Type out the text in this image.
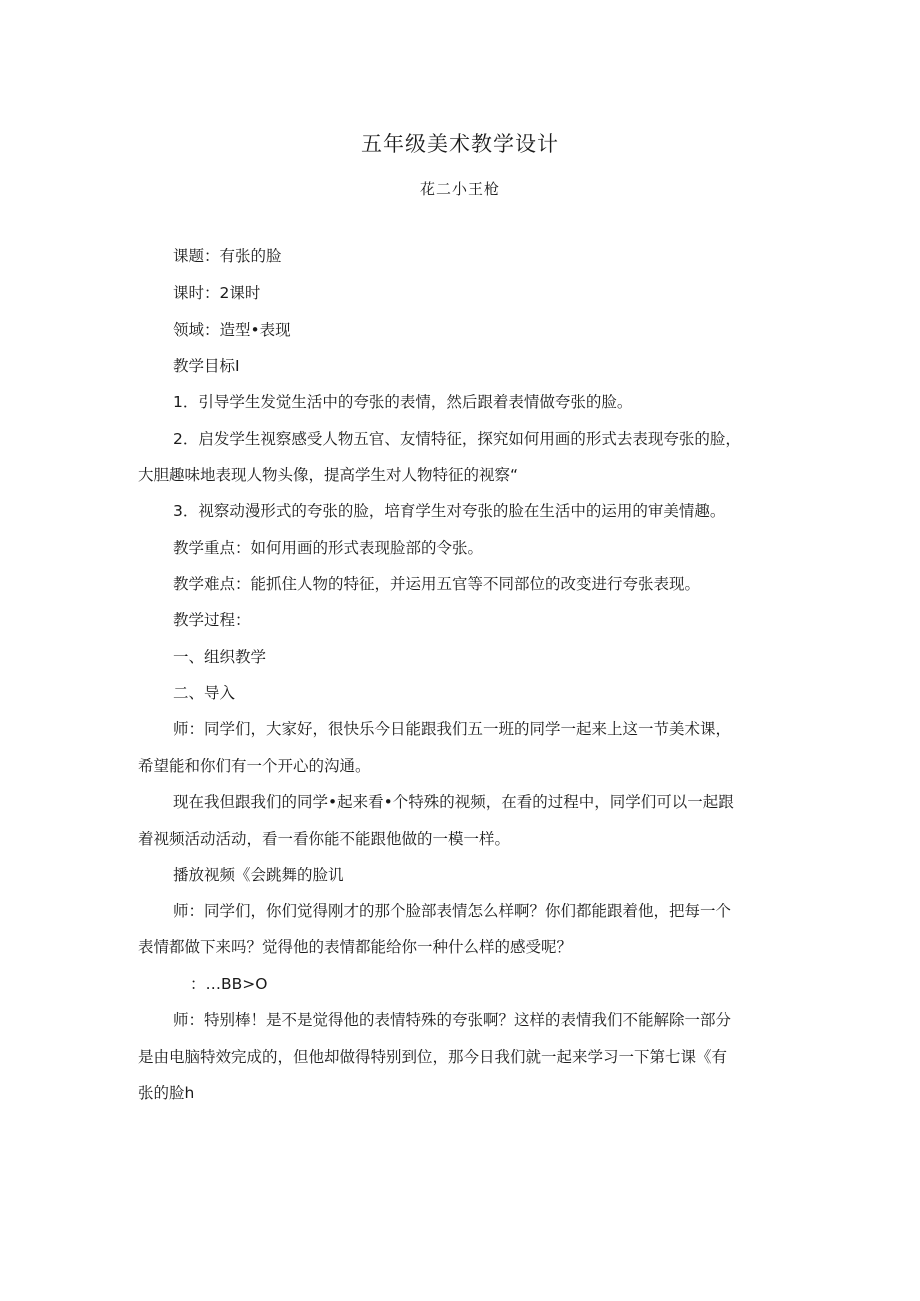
五年级美术教学设计
花二小王枪
课题：有张的脸
课时：2课时
领域：造型•表现
教学目标I
1．引导学生发觉生活中的夸张的表情，然后跟着表情做夸张的脸。
2．启发学生视察感受人物五官、友情特征，探究如何用画的形式去表现夸张的脸，
大胆趣味地表现人物头像，提高学生对人物特征的视察“
3．视察动漫形式的夸张的脸，培育学生对夸张的脸在生活中的运用的审美情趣。
教学重点：如何用画的形式表现脸部的令张。
教学难点：能抓住人物的特征，并运用五官等不同部位的改变进行夸张表现。
教学过程：
一、组织教学
二、导入
师：同学们，大家好，很快乐今日能跟我们五一班的同学一起来上这一节美术课，
希望能和你们有一个开心的沟通。
现在我但跟我们的同学•起来看•个特殊的视频，在看的过程中，同学们可以一起跟
着视频活动活动，看一看你能不能跟他做的一模一样。
播放视频《会跳舞的脸讥
师：同学们，你们觉得刚才的那个脸部表情怎么样啊？你们都能跟着他，把每一个
表情都做下来吗？觉得他的表情都能给你一种什么样的感受呢？
：…BB>O
师：特别棒！是不是觉得他的表情特殊的夸张啊？这样的表情我们不能解除一部分
是由电脑特效完成的，但他却做得特别到位，那今日我们就一起来学习一下第七课《有
张的脸h
